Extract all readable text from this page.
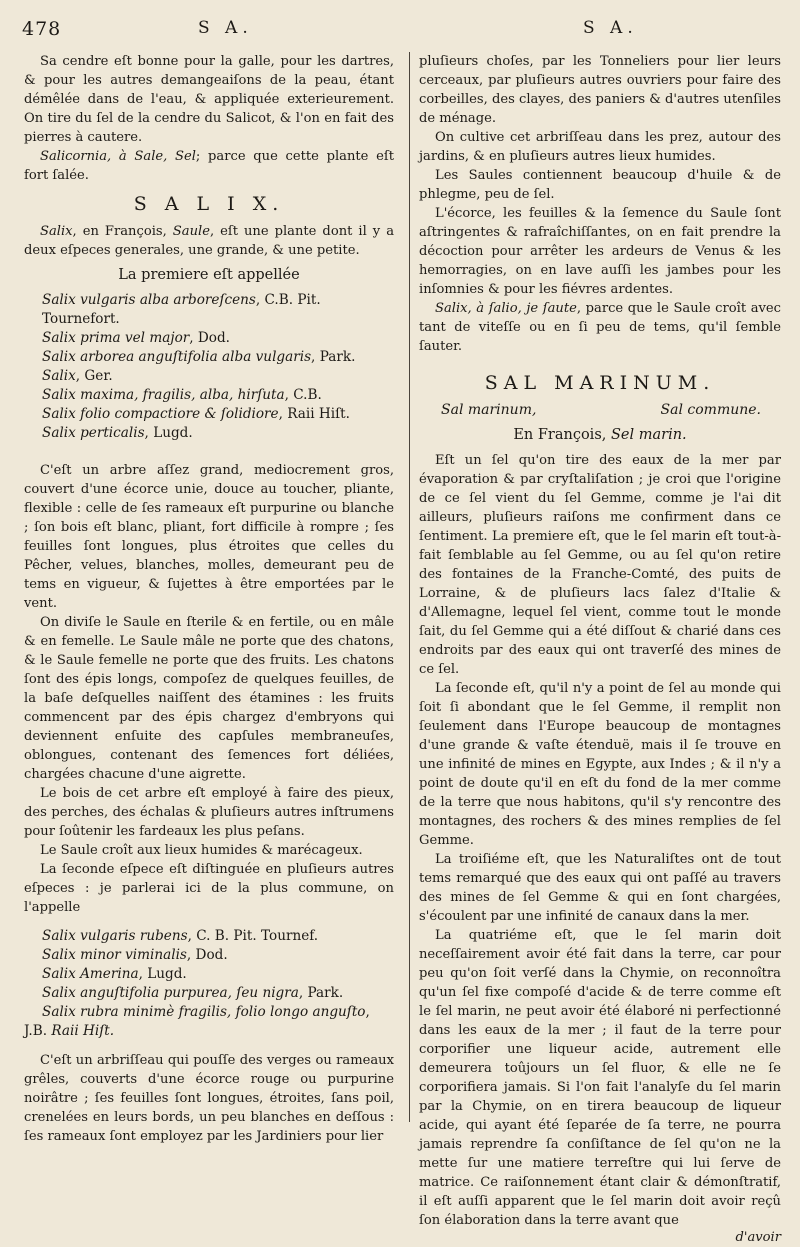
478	S A.	S A.

Sa cendre eſt bonne pour la galle, pour les dartres, & pour les autres demangeaiſons de la peau, étant démêlée dans de l'eau, & appliquée exterieurement. On tire du ſel de la cendre du Salicot, & l'on en fait des pierres à cautere.

Salicornia, à Sale, Sel; parce que cette plante eſt fort ſalée.

S A L I X.

Salix, en François, Saule, eſt une plante dont il y a deux eſpeces generales, une grande, & une petite.

La premiere eſt appellée
Salix vulgaris alba arboreſcens, C.B. Pit. Tournefort.
Salix prima vel major, Dod.
Salix arborea anguſtifolia alba vulgaris, Park.
Salix, Ger.
Salix maxima, fragilis, alba, hirſuta, C.B.
Salix folio compactiore & ſolidiore, Raii Hiſt.
Salix perticalis, Lugd.

C'eſt un arbre aſſez grand, mediocrement gros, couvert d'une écorce unie, douce au toucher, pliante, flexible : celle de ſes rameaux eſt purpurine ou blanche ; ſon bois eſt blanc, pliant, fort difficile à rompre ; ſes feuilles ſont longues, plus étroites que celles du Pêcher, velues, blanches, molles, demeurant peu de tems en vigueur, & ſujettes à être emportées par le vent.

On diviſe le Saule en ſterile & en fertile, ou en mâle & en femelle. Le Saule mâle ne porte que des chatons, & le Saule femelle ne porte que des fruits. Les chatons ſont des épis longs, compoſez de quelques feuilles, de la baſe deſquelles naiſſent des étamines : les fruits commencent par des épis chargez d'embryons qui deviennent enſuite des capſules membraneuſes, oblongues, contenant des ſemences fort déliées, chargées chacune d'une aigrette.

Le bois de cet arbre eſt employé à faire des pieux, des perches, des échalas & pluſieurs autres inſtrumens pour ſoûtenir les fardeaux les plus peſans.

Le Saule croît aux lieux humides & marécageux.

La ſeconde eſpece eſt diſtinguée en pluſieurs autres eſpeces : je parlerai ici de la plus commune, on l'appelle

Salix vulgaris rubens, C. B. Pit. Tournef.
Salix minor viminalis, Dod.
Salix Amerina, Lugd.
Salix anguſtifolia purpurea, ſeu nigra, Park.
Salix rubra minimè fragilis, folio longo anguſto,
J.B. Raii Hiſt.

C'eſt un arbriſſeau qui pouſſe des verges ou rameaux grêles, couverts d'une écorce rouge ou purpurine noirâtre ; ſes feuilles ſont longues, étroites, ſans poil, crenelées en leurs bords, un peu blanches en deſſous : ſes rameaux ſont employez par les Jardiniers pour lier

pluſieurs choſes, par les Tonneliers pour lier leurs cerceaux, par pluſieurs autres ouvriers pour faire des corbeilles, des clayes, des paniers & d'autres utenſiles de ménage.

On cultive cet arbriſſeau dans les prez, autour des jardins, & en pluſieurs autres lieux humides.

Les Saules contiennent beaucoup d'huile & de phlegme, peu de ſel.

L'écorce, les feuilles & la ſemence du Saule ſont aſtringentes & rafraîchiſſantes, on en fait prendre la décoction pour arrêter les ardeurs de Venus & les hemorragies, on en lave auſſi les jambes pour les inſomnies & pour les fiévres ardentes.

Salix, à ſalio, je ſaute, parce que le Saule croît avec tant de viteſſe ou en ſi peu de tems, qu'il ſemble ſauter.

SAL MARINUM.
Sal marinum,	Sal commune.
En François, Sel marin.

Eſt un ſel qu'on tire des eaux de la mer par évaporation & par cryſtaliſation ; je croi que l'origine de ce ſel vient du ſel Gemme, comme je l'ai dit ailleurs, pluſieurs raiſons me confirment dans ce ſentiment. La premiere eſt, que le ſel marin eſt tout-à-fait ſemblable au ſel Gemme, ou au ſel qu'on retire des fontaines de la Franche-Comté, des puits de Lorraine, & de pluſieurs lacs ſalez d'Italie & d'Allemagne, lequel ſel vient, comme tout le monde ſait, du ſel Gemme qui a été diſſout & charié dans ces endroits par des eaux qui ont traverſé des mines de ce ſel.

La ſeconde eſt, qu'il n'y a point de ſel au monde qui ſoit ſi abondant que le ſel Gemme, il remplit non ſeulement dans l'Europe beaucoup de montagnes d'une grande & vaſte étenduë, mais il ſe trouve en une infinité de mines en Egypte, aux Indes ; & il n'y a point de doute qu'il en eſt du fond de la mer comme de la terre que nous habitons, qu'il s'y rencontre des montagnes, des rochers & des mines remplies de ſel Gemme.

La troiſiéme eſt, que les Naturaliſtes ont de tout tems remarqué que des eaux qui ont paſſé au travers des mines de ſel Gemme & qui en ſont chargées, s'écoulent par une infinité de canaux dans la mer.

La quatriéme eſt, que le ſel marin doit neceſſairement avoir été fait dans la terre, car pour peu qu'on ſoit verſé dans la Chymie, on reconnoîtra qu'un ſel fixe compoſé d'acide & de terre comme eſt le ſel marin, ne peut avoir été élaboré ni perfectionné dans les eaux de la mer ; il faut de la terre pour corporifier une liqueur acide, autrement elle demeurera toûjours un ſel fluor, & elle ne ſe corporifiera jamais. Si l'on fait l'analyſe du ſel marin par la Chymie, on en tirera beaucoup de liqueur acide, qui ayant été ſeparée de ſa terre, ne pourra jamais reprendre ſa conſiſtance de ſel qu'on ne la mette ſur une matiere terreſtre qui lui ſerve de matrice. Ce raiſonnement étant clair & démonſtratif, il eſt auſſi apparent que le ſel marin doit avoir reçû ſon élaboration dans la terre avant que

d'avoir
